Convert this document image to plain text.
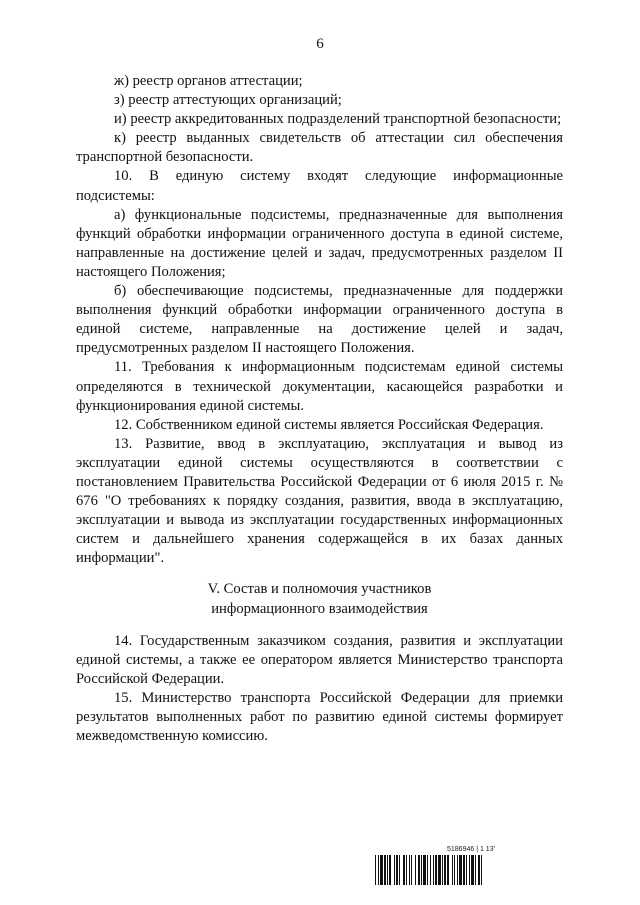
6

ж) реестр органов аттестации;

з) реестр аттестующих организаций;

и) реестр аккредитованных подразделений транспортной безопасности;

к) реестр выданных свидетельств об аттестации сил обеспечения транспортной безопасности.

10. В единую систему входят следующие информационные подсистемы:

а) функциональные подсистемы, предназначенные для выполнения функций обработки информации ограниченного доступа в единой системе, направленные на достижение целей и задач, предусмотренных разделом II настоящего Положения;

б) обеспечивающие подсистемы, предназначенные для поддержки выполнения функций обработки информации ограниченного доступа в единой системе, направленные на достижение целей и задач, предусмотренных разделом II настоящего Положения.

11. Требования к информационным подсистемам единой системы определяются в технической документации, касающейся разработки и функционирования единой системы.

12. Собственником единой системы является Российская Федерация.

13. Развитие, ввод в эксплуатацию, эксплуатация и вывод из эксплуатации единой системы осуществляются в соответствии с постановлением Правительства Российской Федерации от 6 июля 2015 г. № 676 "О требованиях к порядку создания, развития, ввода в эксплуатацию, эксплуатации и вывода из эксплуатации государственных информационных систем и дальнейшего хранения содержащейся в их базах данных информации".

V. Состав и полномочия участников
информационного взаимодействия

14. Государственным заказчиком создания, развития и эксплуатации единой системы, а также ее оператором является Министерство транспорта Российской Федерации.

15. Министерство транспорта Российской Федерации для приемки результатов выполненных работ по развитию единой системы формирует межведомственную комиссию.

5186946 | 1 13'
